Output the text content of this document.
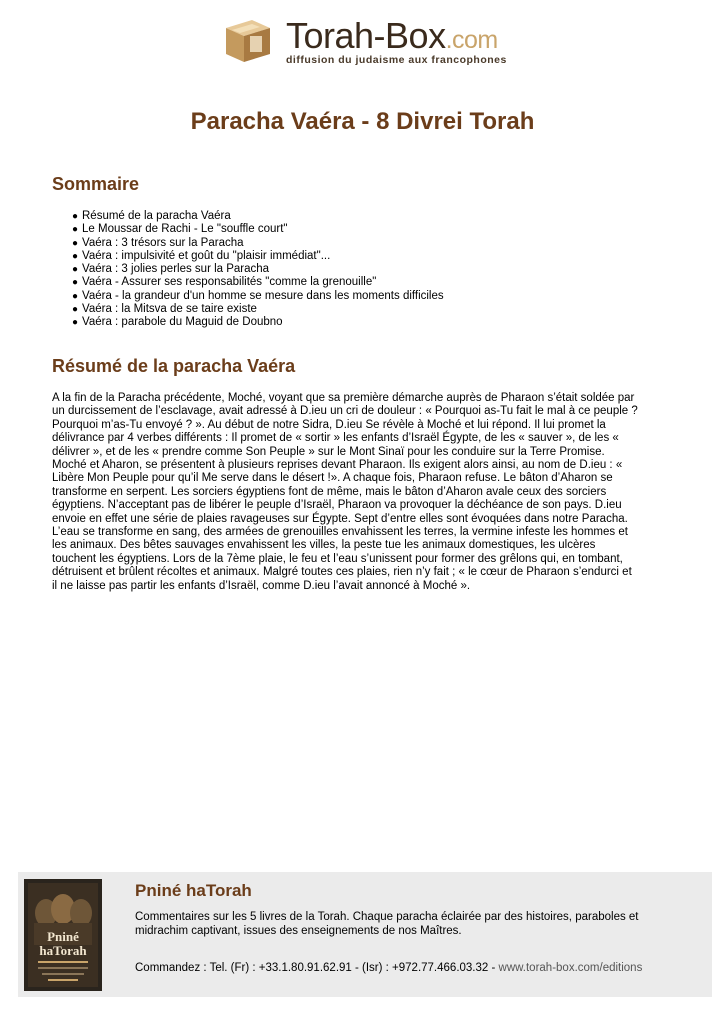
Torah-Box.com
diffusion du judaisme aux francophones
Paracha Vaéra - 8 Divrei Torah
Sommaire
● Résumé de la paracha Vaéra
● Le Moussar de Rachi - Le "souffle court"
● Vaéra : 3 trésors sur la Paracha
● Vaéra : impulsivité et goût du "plaisir immédiat"...
● Vaéra : 3 jolies perles sur la Paracha
● Vaéra - Assurer ses responsabilités "comme la grenouille"
● Vaéra - la grandeur d'un homme se mesure dans les moments difficiles
● Vaéra : la Mitsva de se taire existe
● Vaéra : parabole du Maguid de Doubno
Résumé de la paracha Vaéra
A la fin de la Paracha précédente, Moché, voyant que sa première démarche auprès de Pharaon s’était soldée par
un durcissement de l’esclavage, avait adressé à D.ieu un cri de douleur : « Pourquoi as-Tu fait le mal à ce peuple ?
Pourquoi m’as-Tu envoyé ? ». Au début de notre Sidra, D.ieu Se révèle à Moché et lui répond. Il lui promet la
délivrance par 4 verbes différents : Il promet de « sortir » les enfants d’Israël Égypte, de les « sauver », de les «
délivrer », et de les « prendre comme Son Peuple » sur le Mont Sinaï pour les conduire sur la Terre Promise.
Moché et Aharon, se présentent à plusieurs reprises devant Pharaon. Ils exigent alors ainsi, au nom de D.ieu : «
Libère Mon Peuple pour qu’il Me serve dans le désert !». A chaque fois, Pharaon refuse. Le bâton d’Aharon se
transforme en serpent. Les sorciers égyptiens font de même, mais le bâton d’Aharon avale ceux des sorciers
égyptiens. N’acceptant pas de libérer le peuple d’Israël, Pharaon va provoquer la déchéance de son pays. D.ieu
envoie en effet une série de plaies ravageuses sur Égypte. Sept d’entre elles sont évoquées dans notre Paracha.
L’eau se transforme en sang, des armées de grenouilles envahissent les terres, la vermine infeste les hommes et
les animaux. Des bêtes sauvages envahissent les villes, la peste tue les animaux domestiques, les ulcères
touchent les égyptiens. Lors de la 7ème plaie, le feu et l’eau s’unissent pour former des grêlons qui, en tombant,
détruisent et brûlent récoltes et animaux. Malgré toutes ces plaies, rien n’y fait ; « le cœur de Pharaon s’endurci et
il ne laisse pas partir les enfants d’Israël, comme D.ieu l’avait annoncé à Moché ».
Pniné
haTorah
Pniné haTorah
Commentaires sur les 5 livres de la Torah. Chaque paracha éclairée par des histoires, paraboles et
midrachim captivant, issues des enseignements de nos Maîtres.
Commandez : Tel. (Fr) : +33.1.80.91.62.91 - (Isr) : +972.77.466.03.32 - www.torah-box.com/editions
